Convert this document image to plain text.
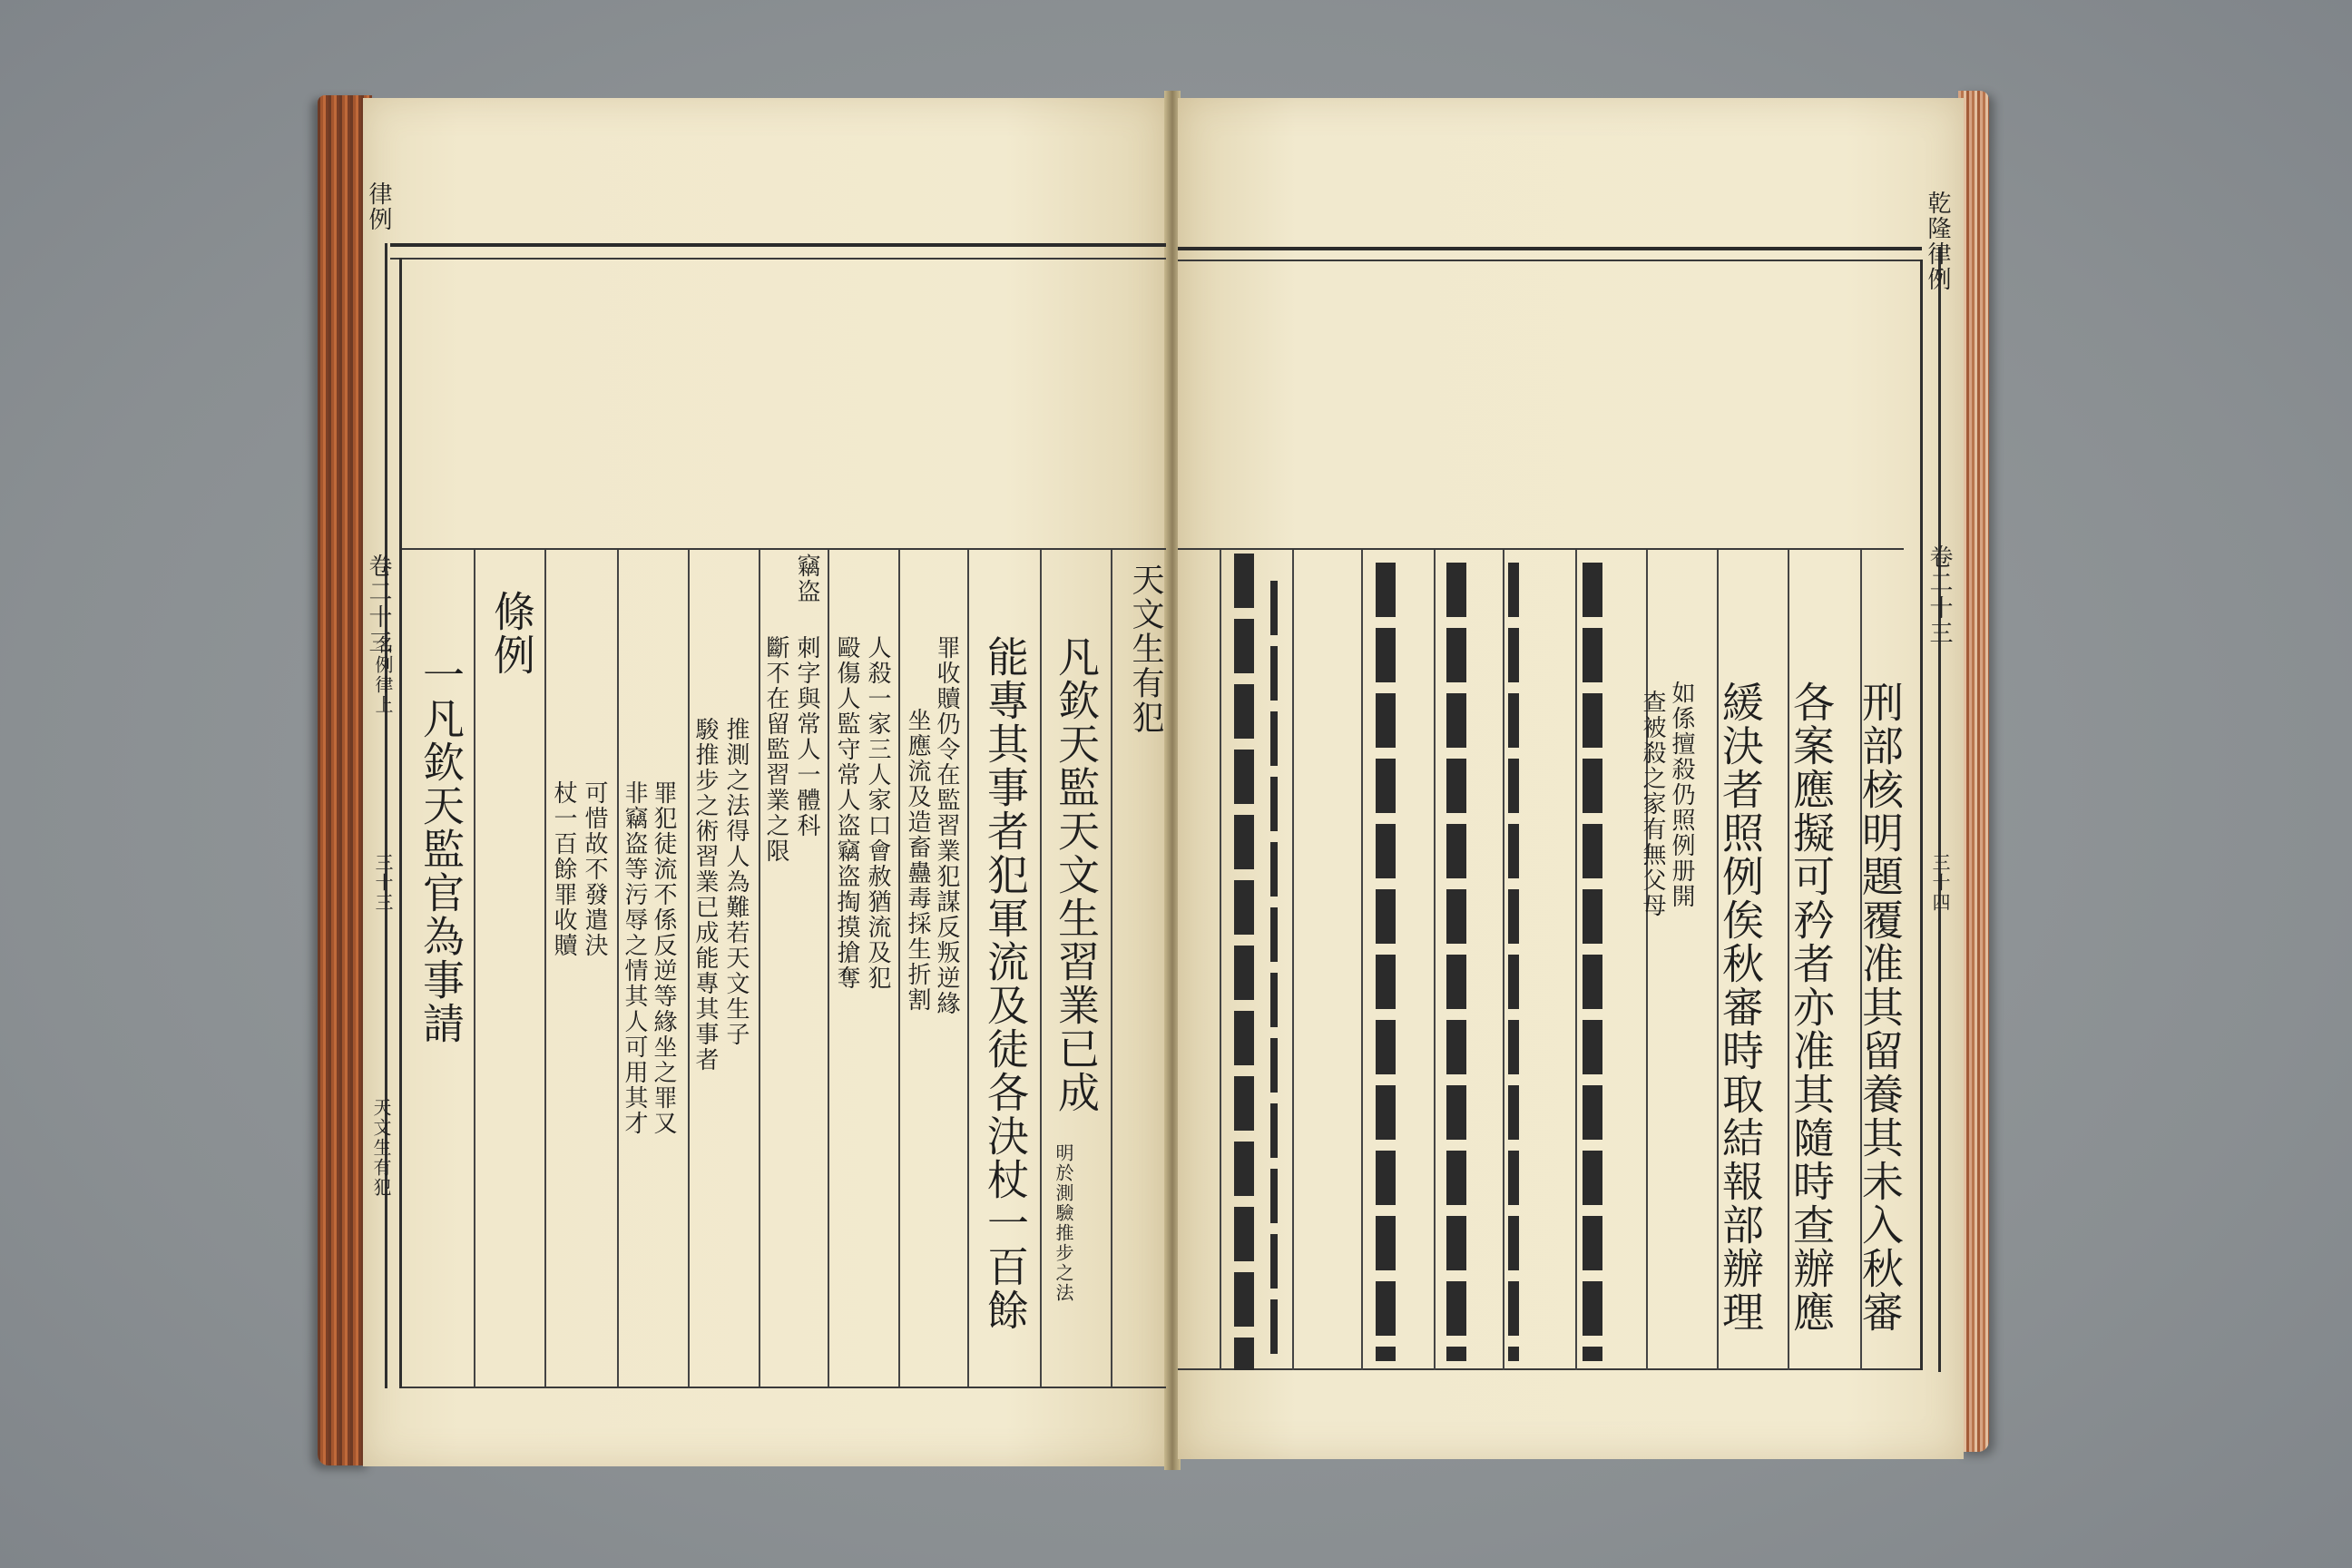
律例
卷二十三
名例律上
三十三
天文生有犯
天文生有犯
凡欽天監天文生習業已成
明於測驗推步之法
能專其事者犯軍流及徒各決杖一百餘
罪收贖仍令在監習業犯謀反叛逆緣
坐應流及造畜蠱毒採生折割
人殺一家三人家口會赦猶流及犯
毆傷人監守常人盗竊盗掏摸搶奪
竊盗
刺字與常人一體科
斷不在留監習業之限
推測之法得人為難若天文生子
駿推步之術習業已成能專其事者
罪犯徒流不係反逆等緣坐之罪又
非竊盗等污辱之情其人可用其才
可惜故不發遣決
杖一百餘罪收贖
條例
一凡欽天監官為事請
乾隆律例
卷二十三
三十四
刑部核明題覆准其留養其未入秋審
各案應擬可矜者亦准其隨時查辦應
緩決者照例俟秋審時取結報部辦理
如係擅殺仍照例册開
查被殺之家有無父母
